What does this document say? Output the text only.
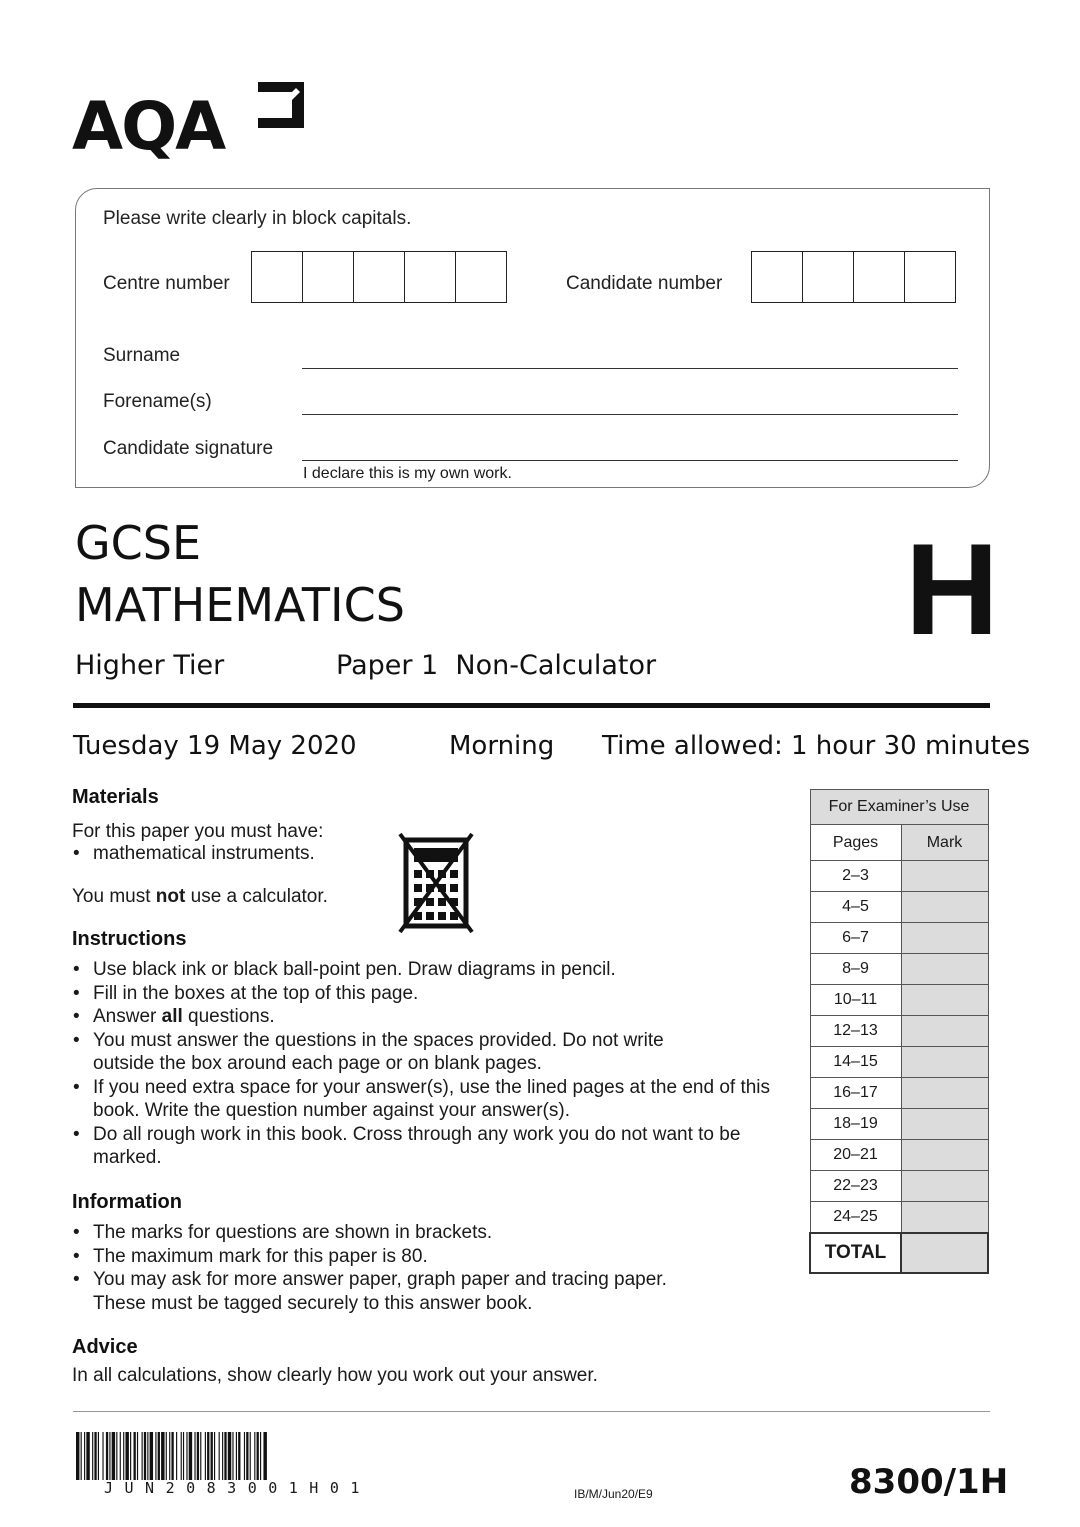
AQA
Please write clearly in block capitals.
Centre number	Candidate number
Surname
Forename(s)
Candidate signature
I declare this is my own work.
GCSE
MATHEMATICS
Higher Tier	Paper 1  Non-Calculator
H
Tuesday 19 May 2020	Morning Time allowed: 1 hour 30 minutes
Materials
For this paper you must have:
• mathematical instruments.
You must not use a calculator.
Instructions
• Use black ink or black ball-point pen. Draw diagrams in pencil.
• Fill in the boxes at the top of this page.
• Answer all questions.
• You must answer the questions in the spaces provided. Do not write outside the box around each page or on blank pages.
• If you need extra space for your answer(s), use the lined pages at the end of this book. Write the question number against your answer(s).
• Do all rough work in this book. Cross through any work you do not want to be marked.
Information
• The marks for questions are shown in brackets.
• The maximum mark for this paper is 80.
• You may ask for more answer paper, graph paper and tracing paper. These must be tagged securely to this answer book.
Advice
In all calculations, show clearly how you work out your answer.
For Examiner’s Use	
Pages	Mark
2–3	
4–5	
6–7	
8–9	
10–11	
12–13	
14–15	
16–17	
18–19	
20–21	
22–23	
24–25	
TOTAL	
JUN2083001H01	IB/M/Jun20/E9	8300/1H
